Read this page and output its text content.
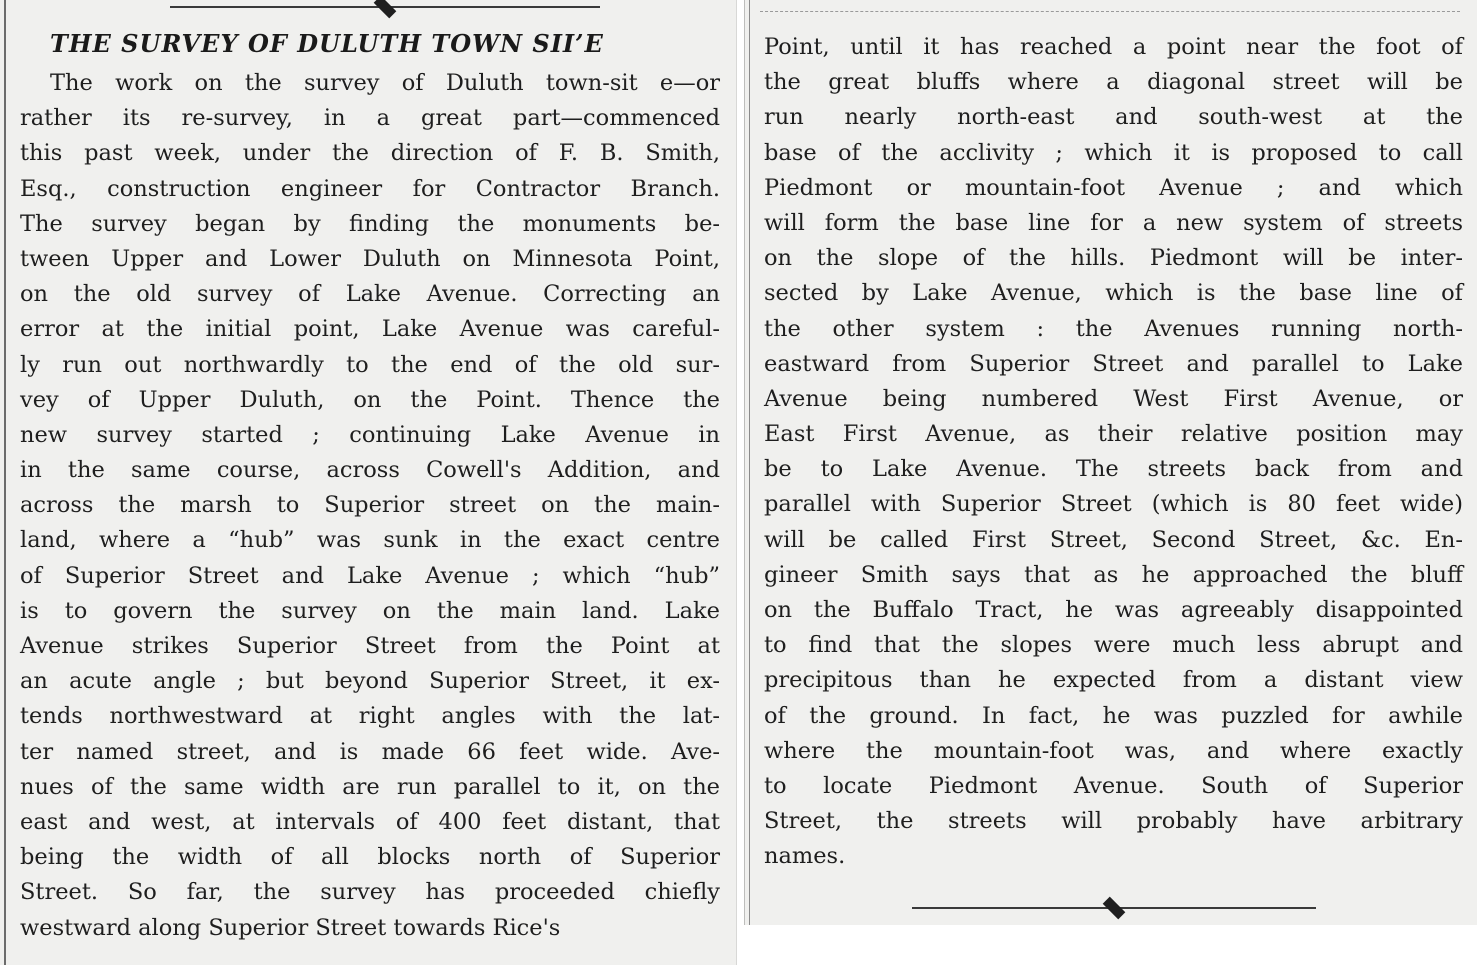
THE SURVEY OF DULUTH TOWN SII’E
The work on the survey of Duluth town-sit e—or
rather its re-survey, in a great part—commenced
this past week, under the direction of F. B. Smith,
Esq., construction engineer for Contractor Branch.
The survey began by finding the monuments be-
tween Upper and Lower Duluth on Minnesota Point,
on the old survey of Lake Avenue. Correcting an
error at the initial point, Lake Avenue was careful-
ly run out northwardly to the end of the old sur-
vey of Upper Duluth, on the Point. Thence the
new survey started ; continuing Lake Avenue in
in the same course, across Cowell's Addition, and
across the marsh to Superior street on the main-
land, where a “hub” was sunk in the exact centre
of Superior Street and Lake Avenue ; which “hub”
is to govern the survey on the main land. Lake
Avenue strikes Superior Street from the Point at
an acute angle ; but beyond Superior Street, it ex-
tends northwestward at right angles with the lat-
ter named street, and is made 66 feet wide. Ave-
nues of the same width are run parallel to it, on the
east and west, at intervals of 400 feet distant, that
being the width of all blocks north of Superior
Street. So far, the survey has proceeded chiefly
westward along Superior Street towards Rice's
Point, until it has reached a point near the foot of
the great bluffs where a diagonal street will be
run nearly north-east and south-west at the
base of the acclivity ; which it is proposed to call
Piedmont or mountain-foot Avenue ; and which
will form the base line for a new system of streets
on the slope of the hills. Piedmont will be inter-
sected by Lake Avenue, which is the base line of
the other system : the Avenues running north-
eastward from Superior Street and parallel to Lake
Avenue being numbered West First Avenue, or
East First Avenue, as their relative position may
be to Lake Avenue. The streets back from and
parallel with Superior Street (which is 80 feet wide)
will be called First Street, Second Street, &c. En-
gineer Smith says that as he approached the bluff
on the Buffalo Tract, he was agreeably disappointed
to find that the slopes were much less abrupt and
precipitous than he expected from a distant view
of the ground. In fact, he was puzzled for awhile
where the mountain-foot was, and where exactly
to locate Piedmont Avenue. South of Superior
Street, the streets will probably have arbitrary
names.
